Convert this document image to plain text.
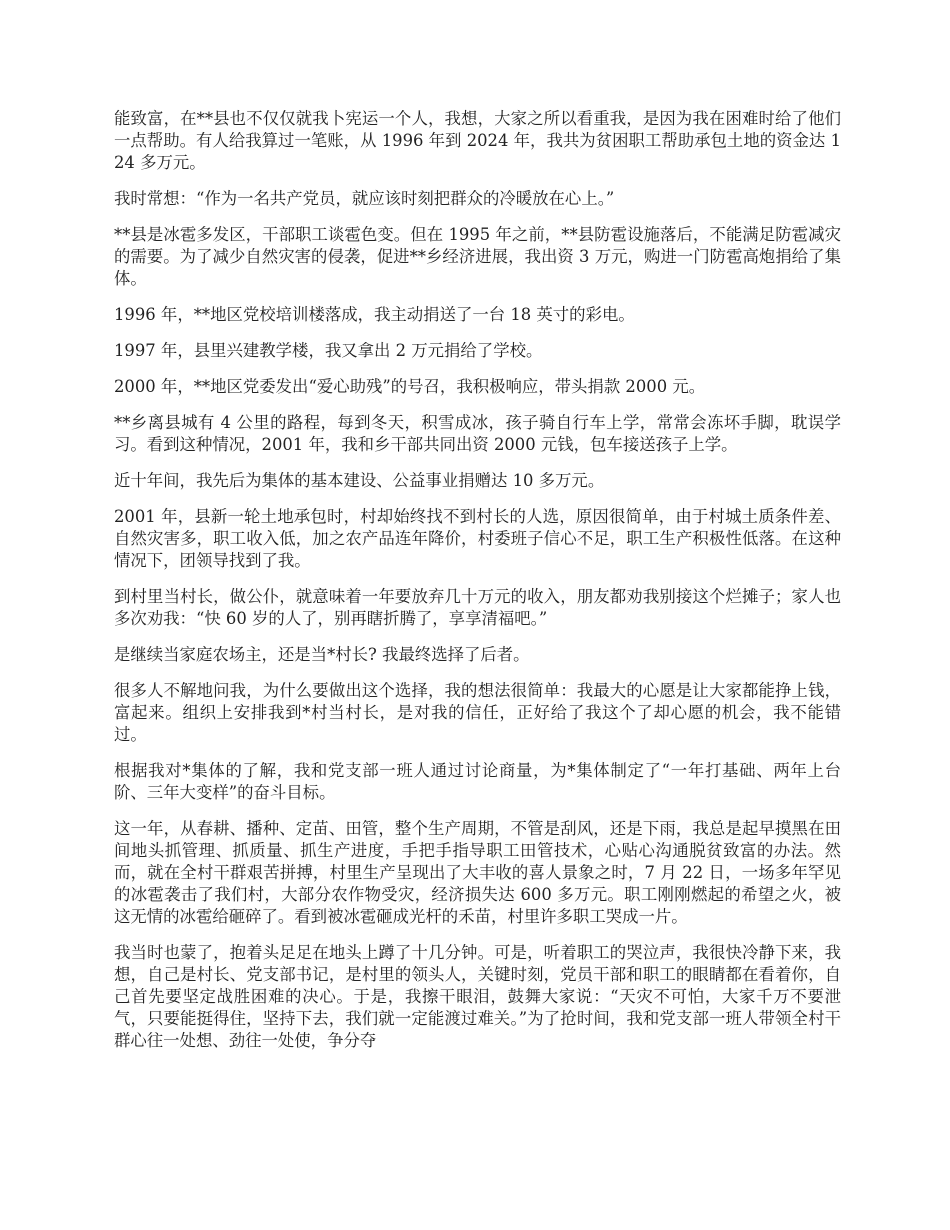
能致富，在**县也不仅仅就我卜宪运一个人，我想，大家之所以看重我，是因为我在困难时给了他们一点帮助。有人给我算过一笔账，从 1996 年到 2024 年，我共为贫困职工帮助承包土地的资金达 124 多万元。

我时常想：“作为一名共产党员，就应该时刻把群众的冷暖放在心上。”

**县是冰雹多发区，干部职工谈雹色变。但在 1995 年之前，**县防雹设施落后，不能满足防雹减灾的需要。为了减少自然灾害的侵袭，促进**乡经济进展，我出资 3 万元，购进一门防雹高炮捐给了集体。

1996 年，**地区党校培训楼落成，我主动捐送了一台 18 英寸的彩电。

1997 年，县里兴建教学楼，我又拿出 2 万元捐给了学校。

2000 年，**地区党委发出“爱心助残”的号召，我积极响应，带头捐款 2000 元。

**乡离县城有 4 公里的路程，每到冬天，积雪成冰，孩子骑自行车上学，常常会冻坏手脚，耽误学习。看到这种情况，2001 年，我和乡干部共同出资 2000 元钱，包车接送孩子上学。

近十年间，我先后为集体的基本建设、公益事业捐赠达 10 多万元。

2001 年，县新一轮土地承包时，村却始终找不到村长的人选，原因很简单，由于村城土质条件差、自然灾害多，职工收入低，加之农产品连年降价，村委班子信心不足，职工生产积极性低落。在这种情况下，团领导找到了我。

到村里当村长，做公仆，就意味着一年要放弃几十万元的收入，朋友都劝我别接这个烂摊子；家人也多次劝我：“快 60 岁的人了，别再瞎折腾了，享享清福吧。”

是继续当家庭农场主，还是当*村长? 我最终选择了后者。

很多人不解地问我，为什么要做出这个选择，我的想法很简单：我最大的心愿是让大家都能挣上钱，富起来。组织上安排我到*村当村长，是对我的信任，正好给了我这个了却心愿的机会，我不能错过。

根据我对*集体的了解，我和党支部一班人通过讨论商量，为*集体制定了“一年打基础、两年上台阶、三年大变样”的奋斗目标。

这一年，从春耕、播种、定苗、田管，整个生产周期，不管是刮风，还是下雨，我总是起早摸黑在田间地头抓管理、抓质量、抓生产进度，手把手指导职工田管技术，心贴心沟通脱贫致富的办法。然而，就在全村干群艰苦拼搏，村里生产呈现出了大丰收的喜人景象之时，7 月 22 日，一场多年罕见的冰雹袭击了我们村，大部分农作物受灾，经济损失达 600 多万元。职工刚刚燃起的希望之火，被这无情的冰雹给砸碎了。看到被冰雹砸成光杆的禾苗，村里许多职工哭成一片。

我当时也蒙了，抱着头足足在地头上蹲了十几分钟。可是，听着职工的哭泣声，我很快冷静下来，我想，自己是村长、党支部书记，是村里的领头人，关键时刻，党员干部和职工的眼睛都在看着你，自己首先要坚定战胜困难的决心。于是，我擦干眼泪，鼓舞大家说：“天灾不可怕，大家千万不要泄气，只要能挺得住，坚持下去，我们就一定能渡过难关。”为了抢时间，我和党支部一班人带领全村干群心往一处想、劲往一处使，争分夺
